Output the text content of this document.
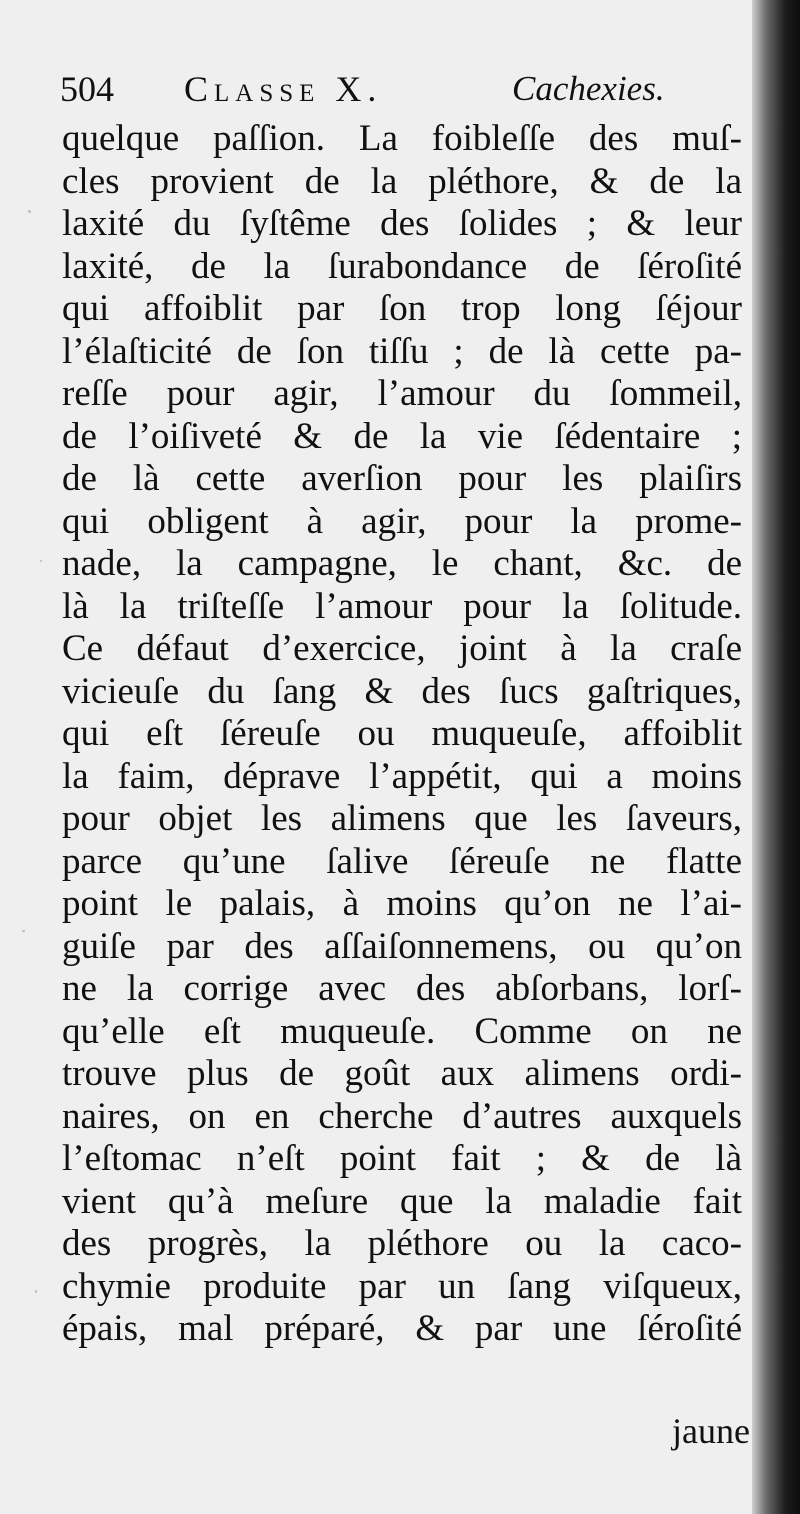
504 Classe X.	Cachexies.
quelque paſſion. La foibleſſe des muſ-
cles provient de la pléthore, & de la
laxité du ſyſtême des ſolides ; & leur
laxité, de la ſurabondance de ſéroſité
qui affoiblit par ſon trop long ſéjour
l’élaſticité de ſon tiſſu ; de là cette pa-
reſſe pour agir, l’amour du ſommeil,
de l’oiſiveté & de la vie ſédentaire ;
de là cette averſion pour les plaiſirs
qui obligent à agir, pour la prome-
nade, la campagne, le chant, &c. de
là la triſteſſe l’amour pour la ſolitude.
Ce défaut d’exercice, joint à la craſe
vicieuſe du ſang & des ſucs gaſtriques,
qui eſt ſéreuſe ou muqueuſe, affoiblit
la faim, déprave l’appétit, qui a moins
pour objet les alimens que les ſaveurs,
parce qu’une ſalive ſéreuſe ne flatte
point le palais, à moins qu’on ne l’ai-
guiſe par des aſſaiſonnemens, ou qu’on
ne la corrige avec des abſorbans, lorſ-
qu’elle eſt muqueuſe. Comme on ne
trouve plus de goût aux alimens ordi-
naires, on en cherche d’autres auxquels
l’eſtomac n’eſt point fait ; & de là
vient qu’à meſure que la maladie fait
des progrès, la pléthore ou la caco-
chymie produite par un ſang viſqueux,
épais, mal préparé, & par une ſéroſité
jaune
